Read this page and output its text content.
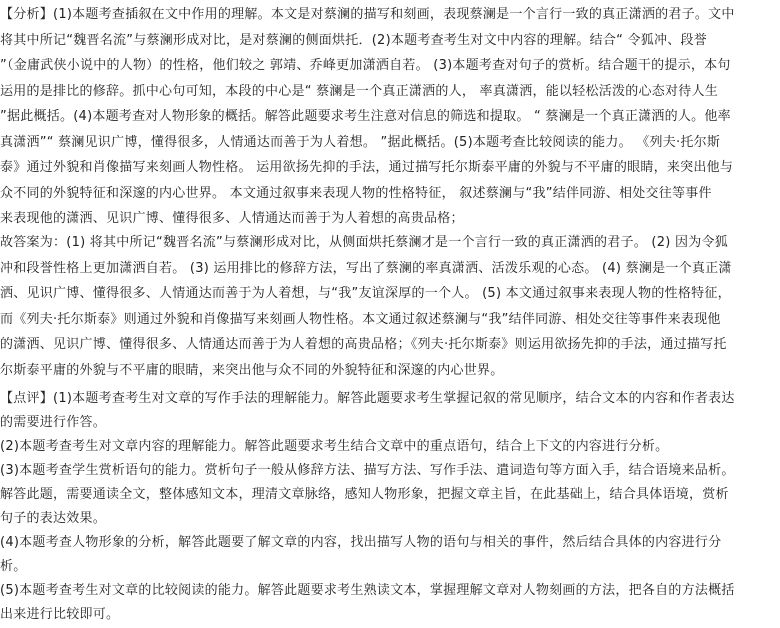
【分析】(1)本题考查插叙在文中作用的理解。本文是对蔡澜的描写和刻画，表现蔡澜是一个言行一致的真正潇洒的君子。文中
将其中所记“魏晋名流”与蔡澜形成对比，是对蔡澜的侧面烘托．(2)本题考查考生对文中内容的理解。结合“ 令狐冲、段誉
”（金庸武侠小说中的人物）的性格，他们较之 郭靖、乔峰更加潇洒自若。 (3)本题考查对句子的赏析。结合题干的提示，本句
运用的是排比的修辞。抓中心句可知，本段的中心是“ 蔡澜是一个真正潇洒的人， 率真潇洒，能以轻松活泼的心态对待人生
”据此概括。(4)本题考查对人物形象的概括。解答此题要求考生注意对信息的筛选和提取。 “ 蔡澜是一个真正潇洒的人。他率
真潇洒”“ 蔡澜见识广博，懂得很多，人情通达而善于为人着想。 ”据此概括。(5)本题考查比较阅读的能力。 《列夫·托尔斯
泰》通过外貌和肖像描写来刻画人物性格。 运用欲扬先抑的手法，通过描写托尔斯泰平庸的外貌与不平庸的眼睛，来突出他与
众不同的外貌特征和深邃的内心世界。 本文通过叙事来表现人物的性格特征， 叙述蔡澜与“我”结伴同游、相处交往等事件
来表现他的潇洒、见识广博、懂得很多、人情通达而善于为人着想的高贵品格；
故答案为：(1) 将其中所记“魏晋名流”与蔡澜形成对比，从侧面烘托蔡澜才是一个言行一致的真正潇洒的君子。 (2) 因为令狐
冲和段誉性格上更加潇洒自若。 (3) 运用排比的修辞方法，写出了蔡澜的率真潇洒、活泼乐观的心态。 (4) 蔡澜是一个真正潇
洒、见识广博、懂得很多、人情通达而善于为人着想，与“我”友谊深厚的一个人。 (5) 本文通过叙事来表现人物的性格特征，
而《列夫·托尔斯泰》则通过外貌和肖像描写来刻画人物性格。本文通过叙述蔡澜与“我”结伴同游、相处交往等事件来表现他
的潇洒、见识广博、懂得很多、人情通达而善于为人着想的高贵品格；《列夫·托尔斯泰》则运用欲扬先抑的手法，通过描写托
尔斯泰平庸的外貌与不平庸的眼睛，来突出他与众不同的外貌特征和深邃的内心世界。
【点评】(1)本题考查考生对文章的写作手法的理解能力。解答此题要求考生掌握记叙的常见顺序，结合文本的内容和作者表达
的需要进行作答。
(2)本题考查考生对文章内容的理解能力。解答此题要求考生结合文章中的重点语句，结合上下文的内容进行分析。
(3)本题考查学生赏析语句的能力。赏析句子一般从修辞方法、描写方法、写作手法、遣词造句等方面入手，结合语境来品析。
解答此题，需要通读全文，整体感知文本，理清文章脉络，感知人物形象，把握文章主旨，在此基础上，结合具体语境，赏析
句子的表达效果。
(4)本题考查人物形象的分析，解答此题要了解文章的内容，找出描写人物的语句与相关的事件，然后结合具体的内容进行分
析。
(5)本题考查考生对文章的比较阅读的能力。解答此题要求考生熟读文本，掌握理解文章对人物刻画的方法，把各自的方法概括
出来进行比较即可。
